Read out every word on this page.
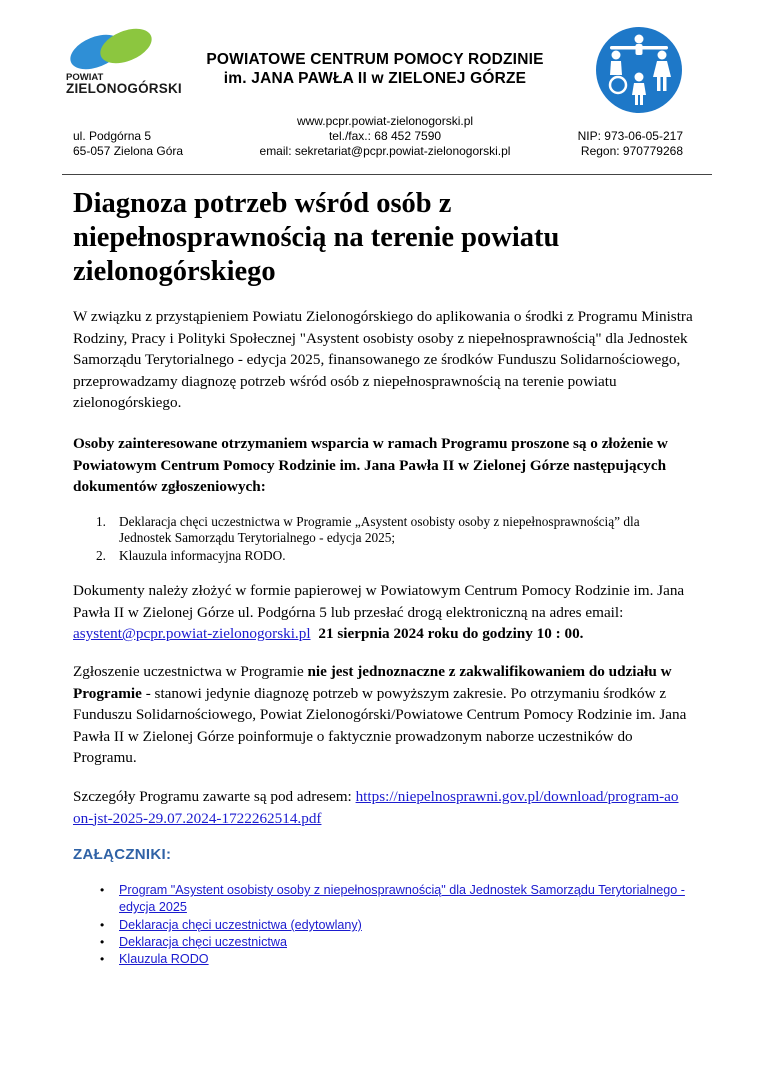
POWIAT
ZIELONOGÓRSKI
POWIATOWE CENTRUM POMOCY RODZINIE
im. JANA PAWŁA II w ZIELONEJ GÓRZE
www.pcpr.powiat-zielonogorski.pl
tel./fax.: 68 452 7590
email: sekretariat@pcpr.powiat-zielonogorski.pl
ul. Podgórna 5
65-057 Zielona Góra
NIP: 973-06-05-217
Regon: 970779268
Diagnoza potrzeb wśród osób z niepełnosprawnością na terenie powiatu zielonogórskiego
W związku z przystąpieniem Powiatu Zielonogórskiego do aplikowania o środki z Programu Ministra Rodziny, Pracy i Polityki Społecznej "Asystent osobisty osoby z niepełnosprawnością" dla Jednostek Samorządu Terytorialnego - edycja 2025, finansowanego ze środków Funduszu Solidarnościowego, przeprowadzamy diagnozę potrzeb wśród osób z niepełnosprawnością na terenie powiatu zielonogórskiego.
Osoby zainteresowane otrzymaniem wsparcia w ramach Programu proszone są o złożenie w Powiatowym Centrum Pomocy Rodzinie im. Jana Pawła II w Zielonej Górze następujących dokumentów zgłoszeniowych:
1. Deklaracja chęci uczestnictwa w Programie „Asystent osobisty osoby z niepełnosprawnością” dla Jednostek Samorządu Terytorialnego - edycja 2025;
2. Klauzula informacyjna RODO.
Dokumenty należy złożyć w formie papierowej w Powiatowym Centrum Pomocy Rodzinie im. Jana Pawła II w Zielonej Górze ul. Podgórna 5 lub przesłać drogą elektroniczną na adres email: asystent@pcpr.powiat-zielonogorski.pl 21 sierpnia 2024 roku do godziny 10 : 00.
Zgłoszenie uczestnictwa w Programie nie jest jednoznaczne z zakwalifikowaniem do udziału w Programie - stanowi jedynie diagnozę potrzeb w powyższym zakresie. Po otrzymaniu środków z Funduszu Solidarnościowego, Powiat Zielonogórski/Powiatowe Centrum Pomocy Rodzinie im. Jana Pawła II w Zielonej Górze poinformuje o faktycznie prowadzonym naborze uczestników do Programu.
Szczegóły Programu zawarte są pod adresem: https://niepelnosprawni.gov.pl/download/program-aoon-jst-2025-29.07.2024-1722262514.pdf
ZAŁĄCZNIKI:
• Program "Asystent osobisty osoby z niepełnosprawnością" dla Jednostek Samorządu Terytorialnego - edycja 2025
• Deklaracja chęci uczestnictwa (edytowlany)
• Deklaracja chęci uczestnictwa
• Klauzula RODO
